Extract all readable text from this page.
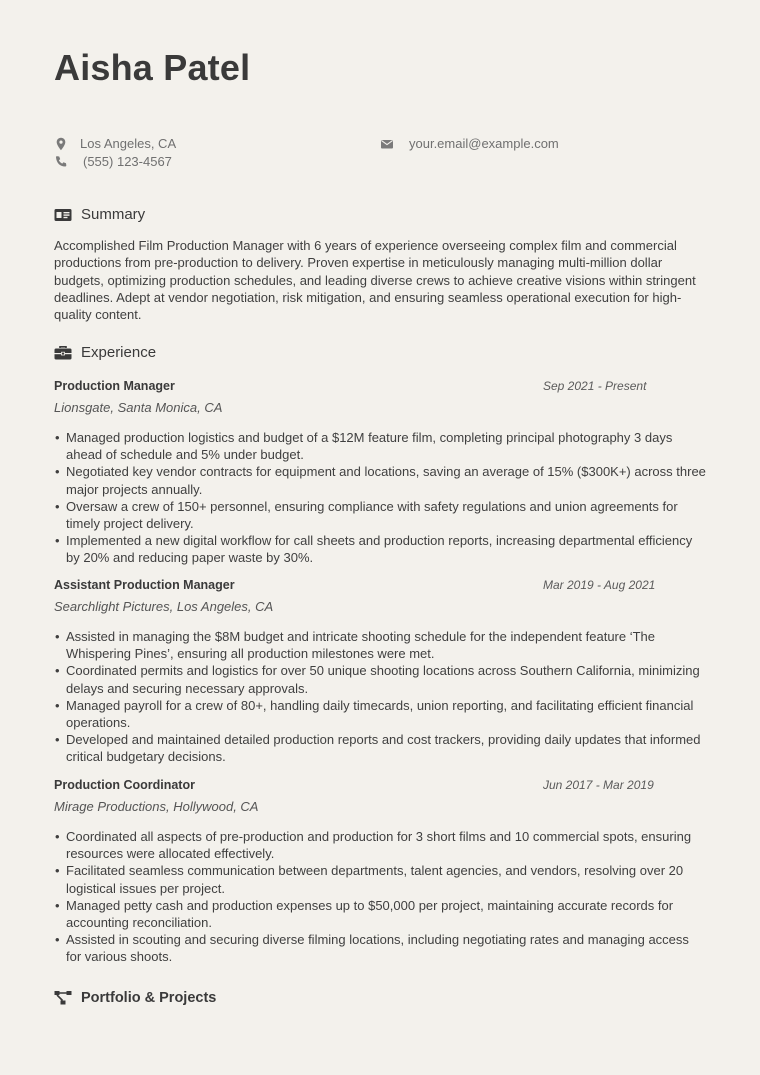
Aisha Patel
Los Angeles, CA
(555) 123-4567
your.email@example.com
Summary

Accomplished Film Production Manager with 6 years of experience overseeing complex film and commercial productions from pre-production to delivery. Proven expertise in meticulously managing multi-million dollar budgets, optimizing production schedules, and leading diverse crews to achieve creative visions within stringent deadlines. Adept at vendor negotiation, risk mitigation, and ensuring seamless operational execution for high-quality content.

Experience
Production Manager	Sep 2021 - Present
Lionsgate, Santa Monica, CA
• Managed production logistics and budget of a $12M feature film, completing principal photography 3 days ahead of schedule and 5% under budget.
• Negotiated key vendor contracts for equipment and locations, saving an average of 15% ($300K+) across three major projects annually.
• Oversaw a crew of 150+ personnel, ensuring compliance with safety regulations and union agreements for timely project delivery.
• Implemented a new digital workflow for call sheets and production reports, increasing departmental efficiency by 20% and reducing paper waste by 30%.
Assistant Production Manager	Mar 2019 - Aug 2021
Searchlight Pictures, Los Angeles, CA
• Assisted in managing the $8M budget and intricate shooting schedule for the independent feature ‘The Whispering Pines’, ensuring all production milestones were met.
• Coordinated permits and logistics for over 50 unique shooting locations across Southern California, minimizing delays and securing necessary approvals.
• Managed payroll for a crew of 80+, handling daily timecards, union reporting, and facilitating efficient financial operations.
• Developed and maintained detailed production reports and cost trackers, providing daily updates that informed critical budgetary decisions.
Production Coordinator	Jun 2017 - Mar 2019
Mirage Productions, Hollywood, CA
• Coordinated all aspects of pre-production and production for 3 short films and 10 commercial spots, ensuring resources were allocated effectively.
• Facilitated seamless communication between departments, talent agencies, and vendors, resolving over 20 logistical issues per project.
• Managed petty cash and production expenses up to $50,000 per project, maintaining accurate records for accounting reconciliation.
• Assisted in scouting and securing diverse filming locations, including negotiating rates and managing access for various shoots.
Portfolio & Projects
